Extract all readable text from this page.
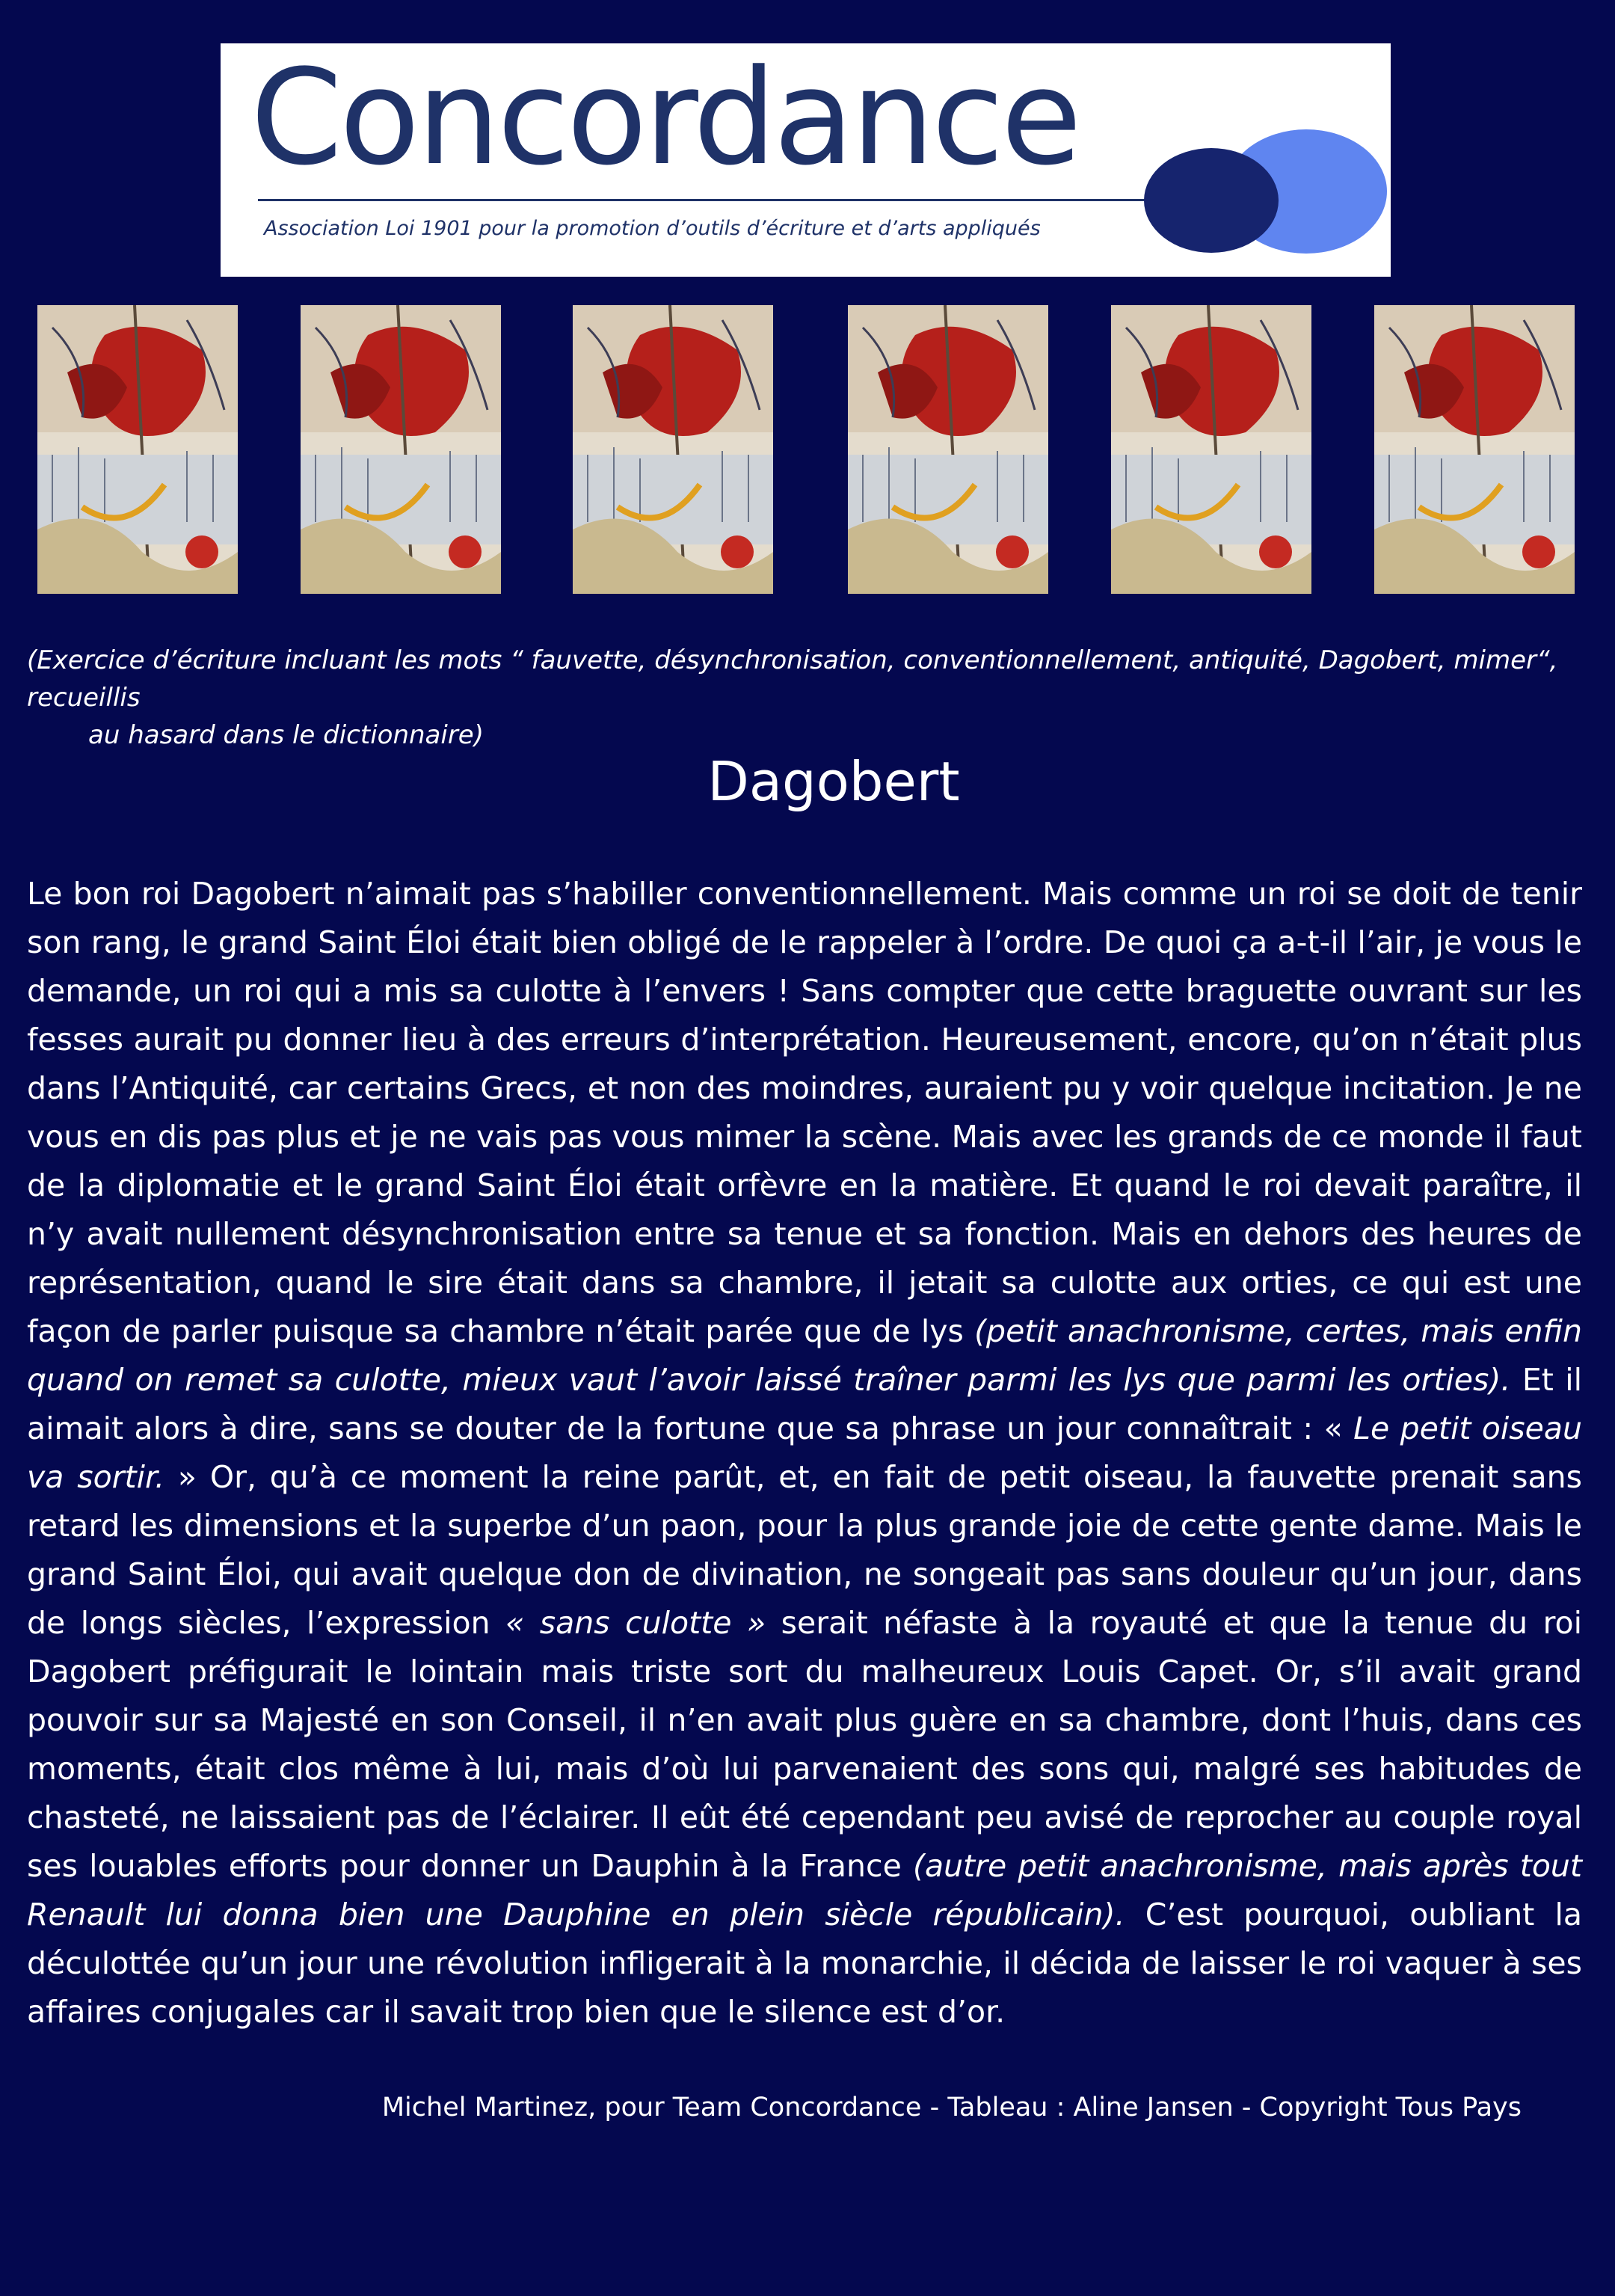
Concordance
Association Loi 1901 pour la promotion d’outils d’écriture et d’arts appliqués
(Exercice d’écriture incluant les mots “ fauvette, désynchronisation, conventionnellement, antiquité, Dagobert, mimer“, recueillis
au hasard dans le dictionnaire)
Dagobert
Le bon roi Dagobert n’aimait pas s’habiller conventionnellement. Mais comme un roi se doit de tenir son rang, le grand Saint Éloi était bien obligé de le rappeler à l’ordre. De quoi ça a-t-il l’air, je vous le demande, un roi qui a mis sa culotte à l’envers ! Sans compter que cette braguette ouvrant sur les fesses aurait pu donner lieu à des erreurs d’interprétation. Heureusement, encore, qu’on n’était plus dans l’Antiquité, car certains Grecs, et non des moindres, auraient pu y voir quelque incitation. Je ne vous en dis pas plus et je ne vais pas vous mimer la scène. Mais avec les grands de ce monde il faut de la diplomatie et le grand Saint Éloi était orfèvre en la matière. Et quand le roi devait paraître, il n’y avait nullement désynchronisation entre sa tenue et sa fonction. Mais en dehors des heures de représentation, quand le sire était dans sa chambre, il jetait sa culotte aux orties, ce qui est une façon de parler puisque sa chambre n’était parée que de lys (petit anachronisme, certes, mais enfin quand on remet sa culotte, mieux vaut l’avoir laissé traîner parmi les lys que parmi les orties). Et il aimait alors à dire, sans se douter de la fortune que sa phrase un jour connaîtrait : « Le petit oiseau va sortir. » Or, qu’à ce moment la reine parût, et, en fait de petit oiseau, la fauvette prenait sans retard les dimensions et la superbe d’un paon, pour la plus grande joie de cette gente dame. Mais le grand Saint Éloi, qui avait quelque don de divination, ne songeait pas sans douleur qu’un jour, dans de longs siècles, l’expression « sans culotte » serait néfaste à la royauté et que la tenue du roi Dagobert préfigurait le lointain mais triste sort du malheureux Louis Capet. Or, s’il avait grand pouvoir sur sa Majesté en son Conseil, il n’en avait plus guère en sa chambre, dont l’huis, dans ces moments, était clos même à lui, mais d’où lui parvenaient des sons qui, malgré ses habitudes de chasteté, ne laissaient pas de l’éclairer. Il eût été cependant peu avisé de reprocher au couple royal ses louables efforts pour donner un Dauphin à la France (autre petit anachronisme, mais après tout Renault lui donna bien une Dauphine en plein siècle républicain). C’est pourquoi, oubliant la déculottée qu’un jour une révolution infligerait à la monarchie, il décida de laisser le roi vaquer à ses affaires conjugales car il savait trop bien que le silence est d’or.
Michel Martinez, pour Team Concordance - Tableau : Aline Jansen - Copyright Tous Pays
